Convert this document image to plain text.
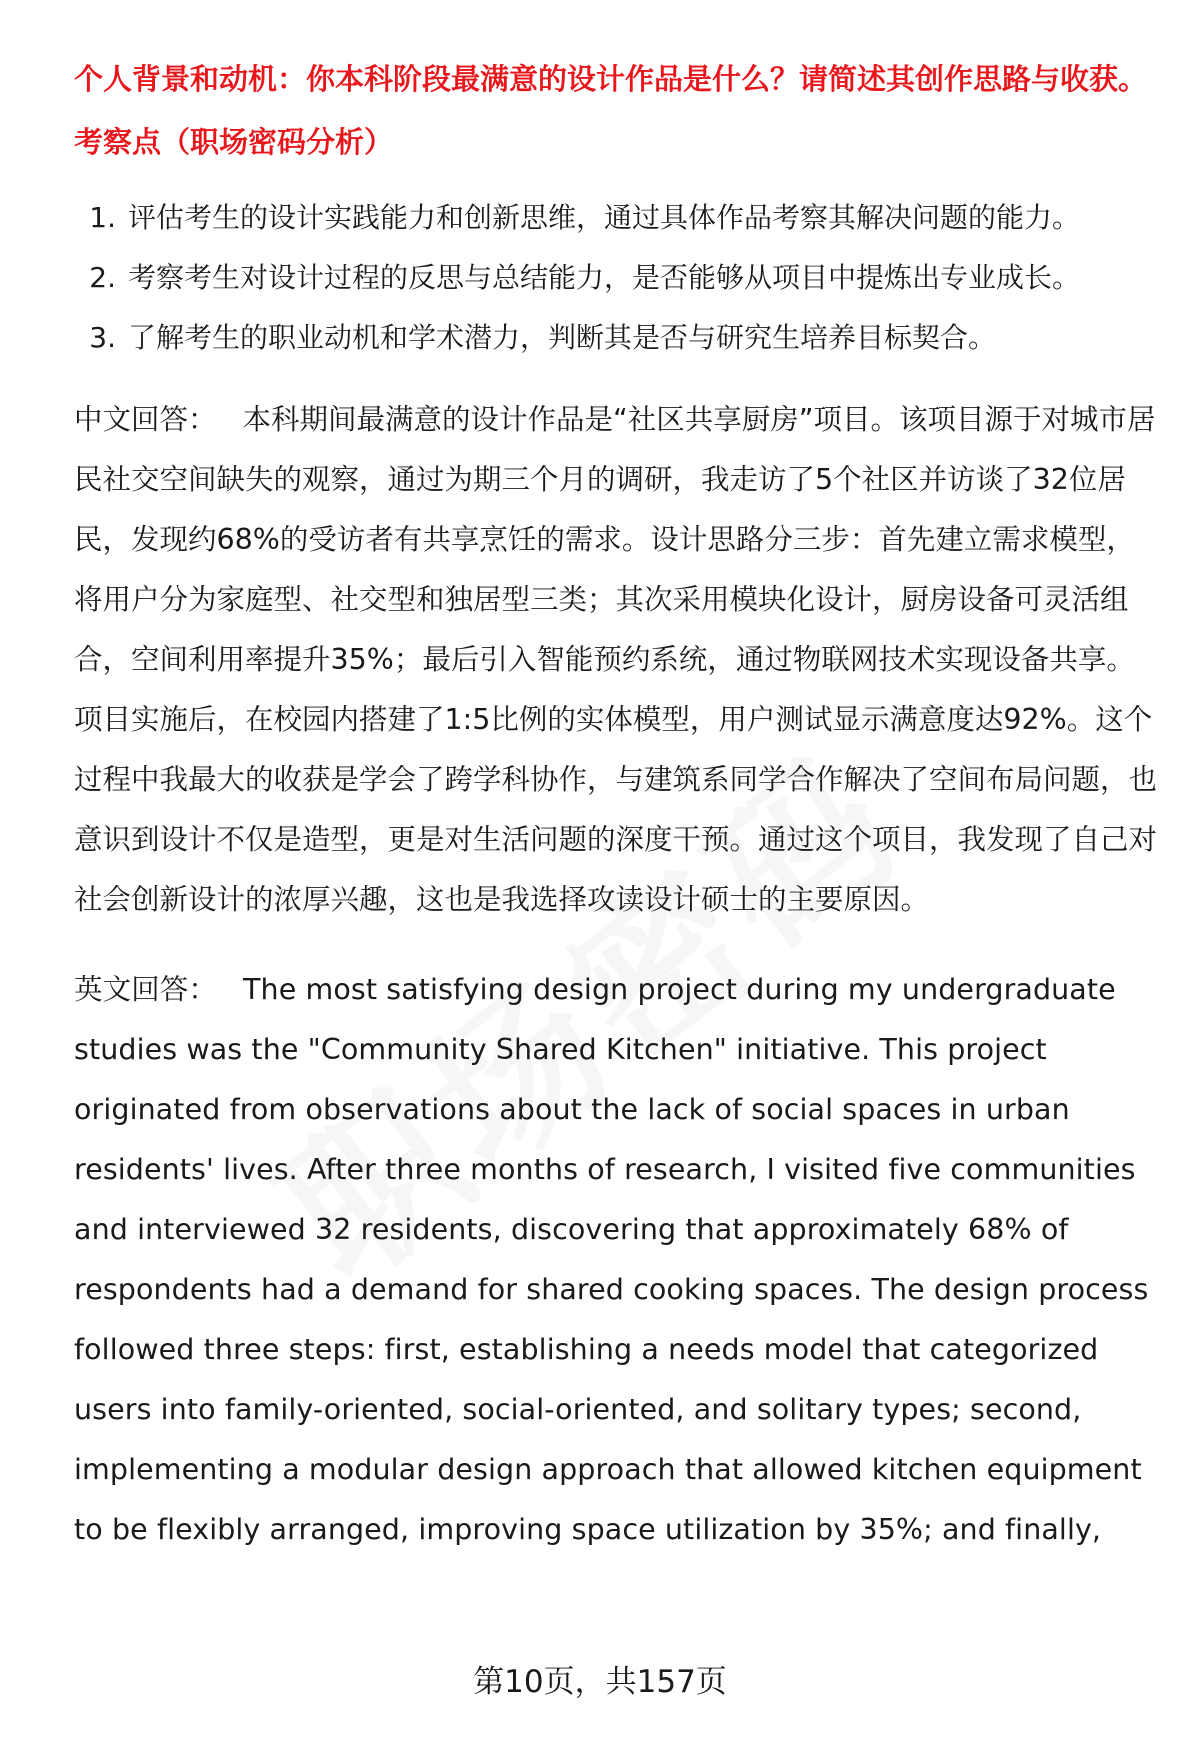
个人背景和动机：你本科阶段最满意的设计作品是什么？请简述其创作思路与收获。

考察点（职场密码分析）

1. 评估考生的设计实践能力和创新思维，通过具体作品考察其解决问题的能力。
2. 考察考生对设计过程的反思与总结能力，是否能够从项目中提炼出专业成长。
3. 了解考生的职业动机和学术潜力，判断其是否与研究生培养目标契合。

中文回答： 本科期间最满意的设计作品是“社区共享厨房”项目。该项目源于对城市居民社交空间缺失的观察，通过为期三个月的调研，我走访了5个社区并访谈了32位居民，发现约68%的受访者有共享烹饪的需求。设计思路分三步：首先建立需求模型，将用户分为家庭型、社交型和独居型三类；其次采用模块化设计，厨房设备可灵活组合，空间利用率提升35%；最后引入智能预约系统，通过物联网技术实现设备共享。项目实施后，在校园内搭建了1:5比例的实体模型，用户测试显示满意度达92%。这个过程中我最大的收获是学会了跨学科协作，与建筑系同学合作解决了空间布局问题，也意识到设计不仅是造型，更是对生活问题的深度干预。通过这个项目，我发现了自己对社会创新设计的浓厚兴趣，这也是我选择攻读设计硕士的主要原因。

英文回答： The most satisfying design project during my undergraduate studies was the "Community Shared Kitchen" initiative. This project originated from observations about the lack of social spaces in urban residents' lives. After three months of research, I visited five communities and interviewed 32 residents, discovering that approximately 68% of respondents had a demand for shared cooking spaces. The design process followed three steps: first, establishing a needs model that categorized users into family-oriented, social-oriented, and solitary types; second, implementing a modular design approach that allowed kitchen equipment to be flexibly arranged, improving space utilization by 35%; and finally,

第10页，共157页
